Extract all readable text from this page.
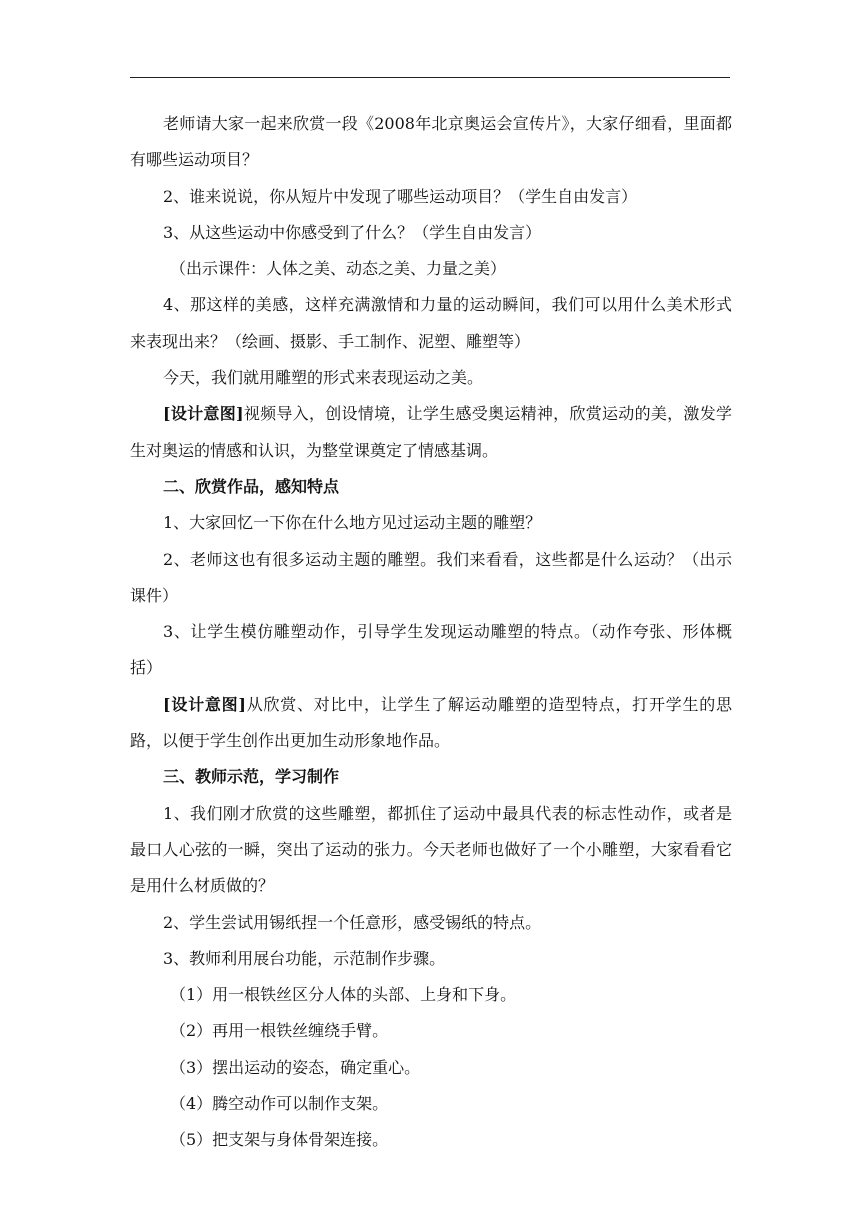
老师请大家一起来欣赏一段《2008年北京奥运会宣传片》，大家仔细看，里面都有哪些运动项目？

2、谁来说说，你从短片中发现了哪些运动项目？（学生自由发言）

3、从这些运动中你感受到了什么？（学生自由发言）

（出示课件：人体之美、动态之美、力量之美）

4、那这样的美感，这样充满激情和力量的运动瞬间，我们可以用什么美术形式来表现出来？（绘画、摄影、手工制作、泥塑、雕塑等）

今天，我们就用雕塑的形式来表现运动之美。

[设计意图]视频导入，创设情境，让学生感受奥运精神，欣赏运动的美，激发学生对奥运的情感和认识，为整堂课奠定了情感基调。

二、欣赏作品，感知特点

1、大家回忆一下你在什么地方见过运动主题的雕塑？

2、老师这也有很多运动主题的雕塑。我们来看看，这些都是什么运动？（出示课件）

3、让学生模仿雕塑动作，引导学生发现运动雕塑的特点。（动作夸张、形体概括）

[设计意图]从欣赏、对比中，让学生了解运动雕塑的造型特点，打开学生的思路，以便于学生创作出更加生动形象地作品。

三、教师示范，学习制作

1、我们刚才欣赏的这些雕塑，都抓住了运动中最具代表的标志性动作，或者是最口人心弦的一瞬，突出了运动的张力。今天老师也做好了一个小雕塑，大家看看它是用什么材质做的？

2、学生尝试用锡纸捏一个任意形，感受锡纸的特点。

3、教师利用展台功能，示范制作步骤。

（1）用一根铁丝区分人体的头部、上身和下身。

（2）再用一根铁丝缠绕手臂。

（3）摆出运动的姿态，确定重心。

（4）腾空动作可以制作支架。

（5）把支架与身体骨架连接。
